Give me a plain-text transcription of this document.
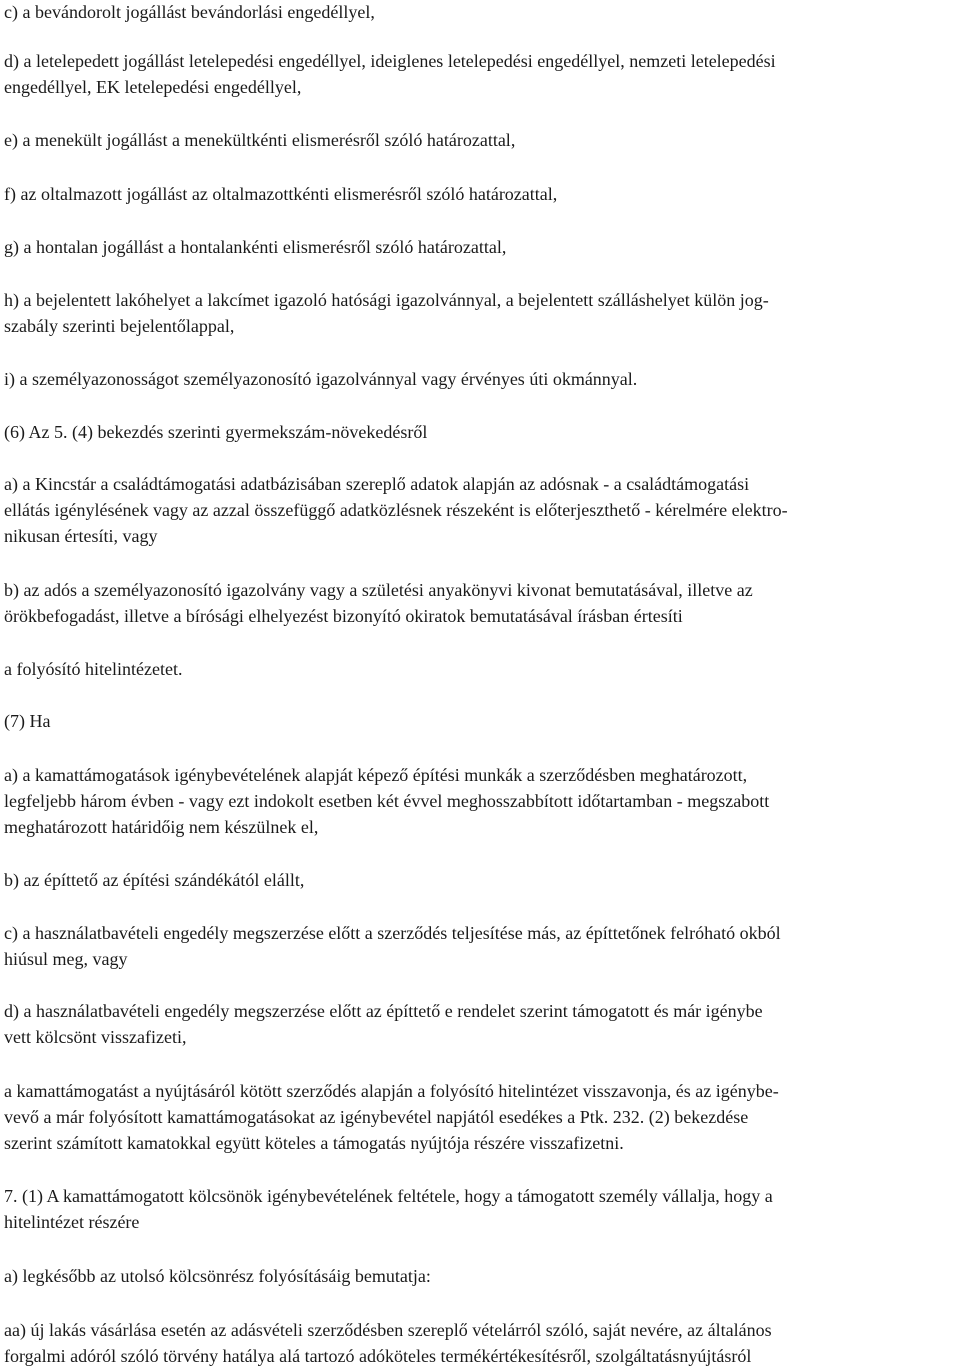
c) a bevándorolt jogállást bevándorlási engedéllyel,
d) a letelepedett jogállást letelepedési engedéllyel, ideiglenes letelepedési engedéllyel, nemzeti letelepedési
engedéllyel, EK letelepedési engedéllyel,
e) a menekült jogállást a menekültkénti elismerésről szóló határozattal,
f) az oltalmazott jogállást az oltalmazottkénti elismerésről szóló határozattal,
g) a hontalan jogállást a hontalankénti elismerésről szóló határozattal,
h) a bejelentett lakóhelyet a lakcímet igazoló hatósági igazolvánnyal, a bejelentett szálláshelyet külön jog-
szabály szerinti bejelentőlappal,
i) a személyazonosságot személyazonosító igazolvánnyal vagy érvényes úti okmánnyal.
(6) Az 5. (4) bekezdés szerinti gyermekszám-növekedésről
a) a Kincstár a családtámogatási adatbázisában szereplő adatok alapján az adósnak - a családtámogatási
ellátás igénylésének vagy az azzal összefüggő adatközlésnek részeként is előterjeszthető - kérelmére elektro-
nikusan értesíti, vagy
b) az adós a személyazonosító igazolvány vagy a születési anyakönyvi kivonat bemutatásával, illetve az
örökbefogadást, illetve a bírósági elhelyezést bizonyító okiratok bemutatásával írásban értesíti
a folyósító hitelintézetet.
(7) Ha
a) a kamattámogatások igénybevételének alapját képező építési munkák a szerződésben meghatározott,
legfeljebb három évben - vagy ezt indokolt esetben két évvel meghosszabbított időtartamban - megszabott
meghatározott határidőig nem készülnek el,
b) az építtető az építési szándékától elállt,
c) a használatbavételi engedély megszerzése előtt a szerződés teljesítése más, az építtetőnek felróható okból
hiúsul meg, vagy
d) a használatbavételi engedély megszerzése előtt az építtető e rendelet szerint támogatott és már igénybe
vett kölcsönt visszafizeti,
a kamattámogatást a nyújtásáról kötött szerződés alapján a folyósító hitelintézet visszavonja, és az igénybe-
vevő a már folyósított kamattámogatásokat az igénybevétel napjától esedékes a Ptk. 232. (2) bekezdése
szerint számított kamatokkal együtt köteles a támogatás nyújtója részére visszafizetni.
7. (1) A kamattámogatott kölcsönök igénybevételének feltétele, hogy a támogatott személy vállalja, hogy a
hitelintézet részére
a) legkésőbb az utolsó kölcsönrész folyósításáig bemutatja:
aa) új lakás vásárlása esetén az adásvételi szerződésben szereplő vételárról szóló, saját nevére, az általános
forgalmi adóról szóló törvény hatálya alá tartozó adóköteles termékértékesítésről, szolgáltatásnyújtásról
